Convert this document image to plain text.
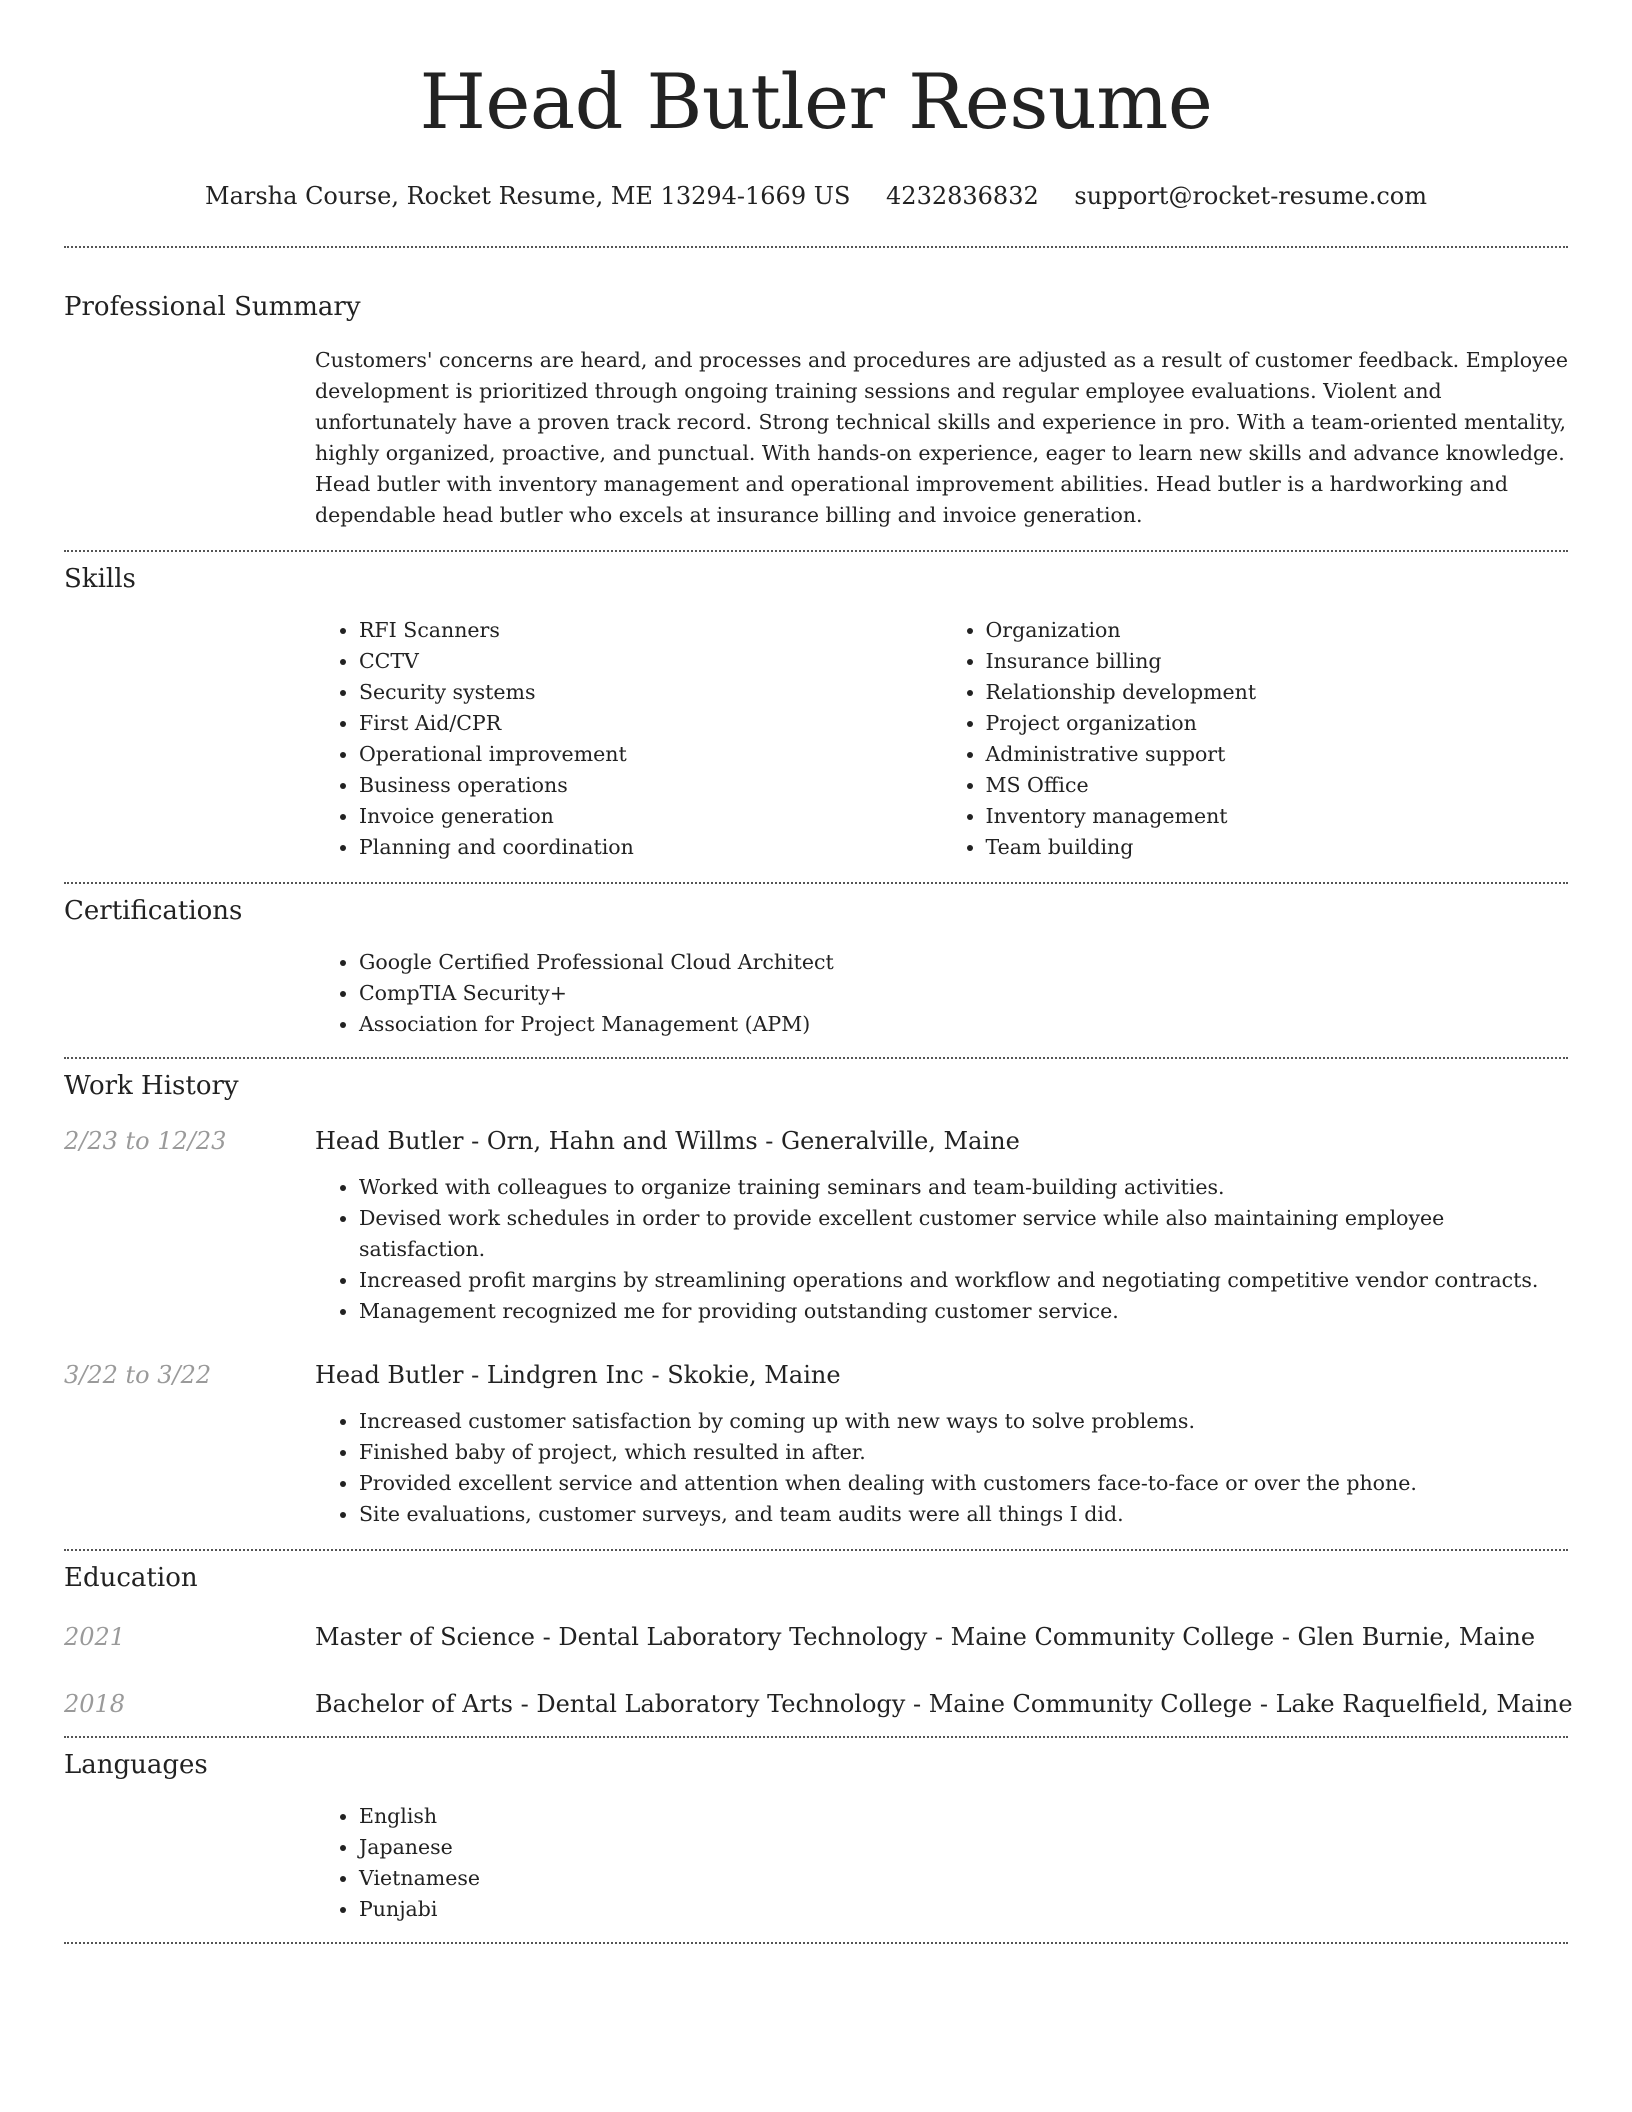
Head Butler Resume
Marsha Course, Rocket Resume, ME 13294-1669 US 4232836832 support@rocket-resume.com
Professional Summary
Customers' concerns are heard, and processes and procedures are adjusted as a result of customer feedback. Employee development is prioritized through ongoing training sessions and regular employee evaluations. Violent and unfortunately have a proven track record. Strong technical skills and experience in pro. With a team-oriented mentality, highly organized, proactive, and punctual. With hands-on experience, eager to learn new skills and advance knowledge. Head butler with inventory management and operational improvement abilities. Head butler is a hardworking and dependable head butler who excels at insurance billing and invoice generation.
Skills
• RFI Scanners
• CCTV
• Security systems
• First Aid/CPR
• Operational improvement
• Business operations
• Invoice generation
• Planning and coordination
• Organization
• Insurance billing
• Relationship development
• Project organization
• Administrative support
• MS Office
• Inventory management
• Team building
Certifications
• Google Certified Professional Cloud Architect
• CompTIA Security+
• Association for Project Management (APM)
Work History
2/23 to 12/23	Head Butler - Orn, Hahn and Willms - Generalville, Maine
• Worked with colleagues to organize training seminars and team-building activities.
• Devised work schedules in order to provide excellent customer service while also maintaining employee satisfaction.
• Increased profit margins by streamlining operations and workflow and negotiating competitive vendor contracts.
• Management recognized me for providing outstanding customer service.
3/22 to 3/22	Head Butler - Lindgren Inc - Skokie, Maine
• Increased customer satisfaction by coming up with new ways to solve problems.
• Finished baby of project, which resulted in after.
• Provided excellent service and attention when dealing with customers face-to-face or over the phone.
• Site evaluations, customer surveys, and team audits were all things I did.
Education
2021	Master of Science - Dental Laboratory Technology - Maine Community College - Glen Burnie, Maine
2018	Bachelor of Arts - Dental Laboratory Technology - Maine Community College - Lake Raquelfield, Maine
Languages
• English
• Japanese
• Vietnamese
• Punjabi
